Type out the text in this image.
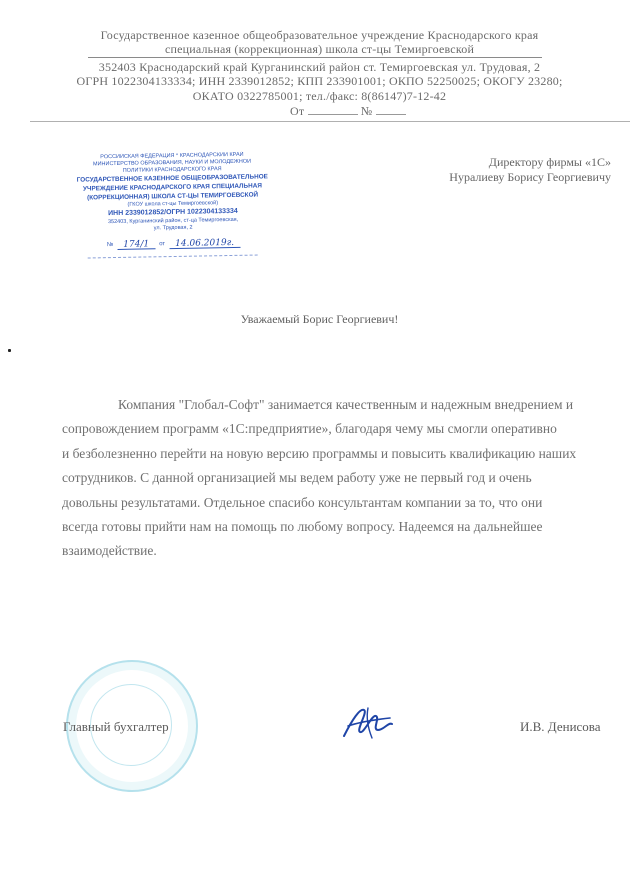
Государственное казенное общеобразовательное учреждение Краснодарского края
специальная (коррекционная) школа ст-цы Темиргоевской
352403 Краснодарский край Курганинский район ст. Темиргоевская ул. Трудовая, 2
ОГРН 1022304133334; ИНН 2339012852; КПП 233901001; ОКПО 52250025; ОКОГУ 23280;
ОКАТО 0322785001; тел./факс: 8(86147)7-12-42
От	№
РОССИЙСКАЯ ФЕДЕРАЦИЯ * КРАСНОДАРСКИЙ КРАЙ
МИНИСТЕРСТВО ОБРАЗОВАНИЯ, НАУКИ И МОЛОДЕЖНОЙ
ПОЛИТИКИ КРАСНОДАРСКОГО КРАЯ
ГОСУДАРСТВЕННОЕ КАЗЕННОЕ ОБЩЕОБРАЗОВАТЕЛЬНОЕ
УЧРЕЖДЕНИЕ КРАСНОДАРСКОГО КРАЯ СПЕЦИАЛЬНАЯ
(КОРРЕКЦИОННАЯ) ШКОЛА СТ-ЦЫ ТЕМИРГОЕВСКОЙ
(ГКОУ школа ст-цы Темиргоевской)
ИНН 2339012852/ОГРН 1022304133334
352403, Курганинский район, ст-ца Темиргоевская,
ул. Трудовая, 2
№	174/1	от	14.06.2019г.
Директору фирмы «1С»
Нуралиеву Борису Георгиевичу
Уважаемый Борис Георгиевич!
Компания "Глобал-Софт" занимается качественным и надежным внедрением и
сопровождением программ «1С:предприятие», благодаря чему мы смогли оперативно
и безболезненно перейти на новую версию программы и повысить квалификацию наших
сотрудников. С данной организацией мы ведем работу уже не первый год и очень
довольны результатами. Отдельное спасибо консультантам компании за то, что они
всегда готовы прийти нам на помощь по любому вопросу. Надеемся на дальнейшее
взаимодействие.
Главный бухгалтер	И.В. Денисова
